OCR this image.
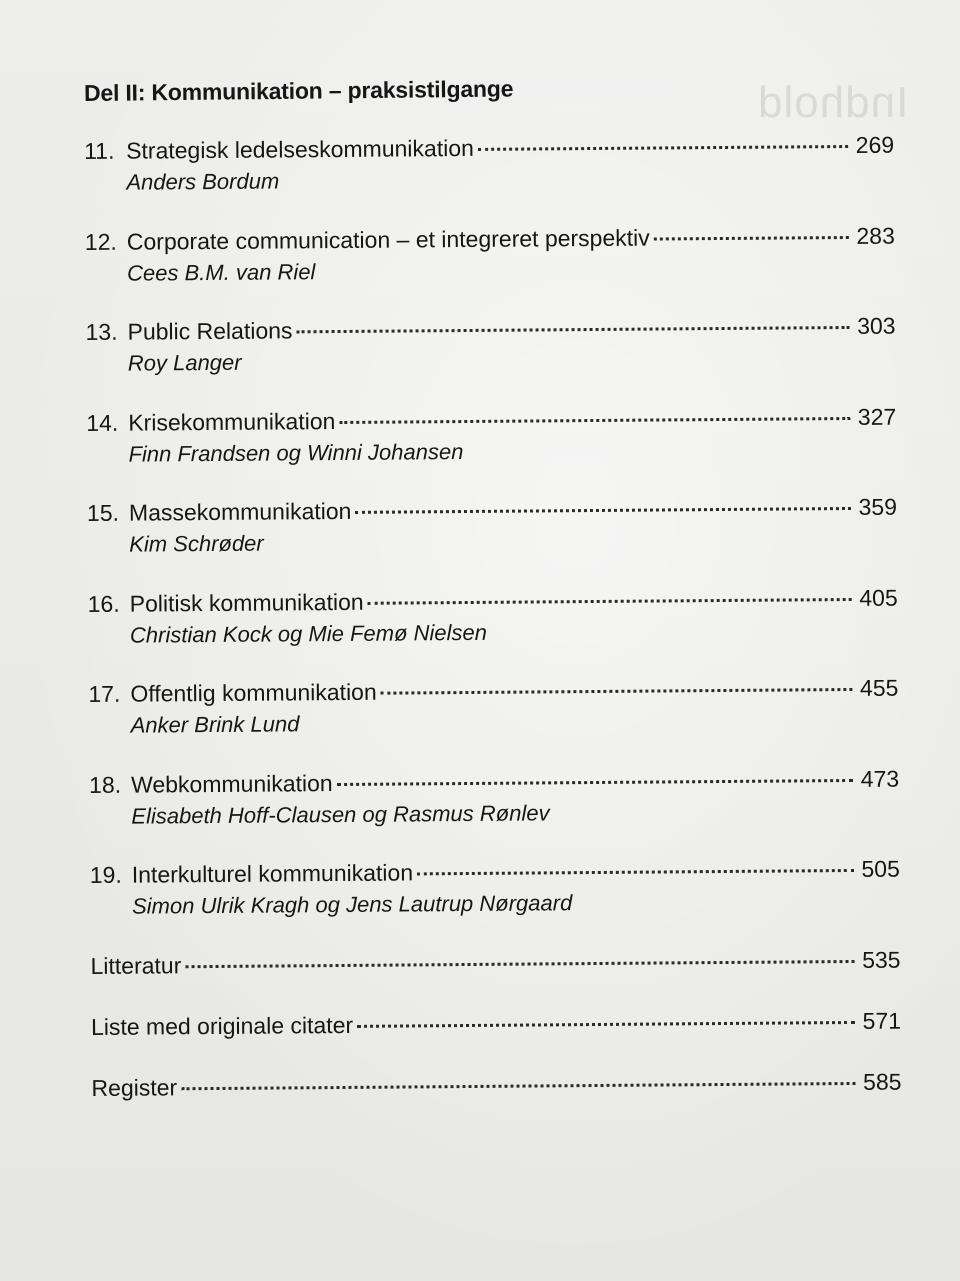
Indhold
Del II: Kommunikation – praksistilgange
11. Strategisk ledelseskommunikation	269
Anders Bordum
12. Corporate communication – et integreret perspektiv	283
Cees B.M. van Riel
13. Public Relations	303
Roy Langer
14. Krisekommunikation	327
Finn Frandsen og Winni Johansen
15. Massekommunikation	359
Kim Schrøder
16. Politisk kommunikation	405
Christian Kock og Mie Femø Nielsen
17. Offentlig kommunikation	455
Anker Brink Lund
18. Webkommunikation	473
Elisabeth Hoff-Clausen og Rasmus Rønlev
19. Interkulturel kommunikation	505
Simon Ulrik Kragh og Jens Lautrup Nørgaard
Litteratur	535
Liste med originale citater	571
Register	585
